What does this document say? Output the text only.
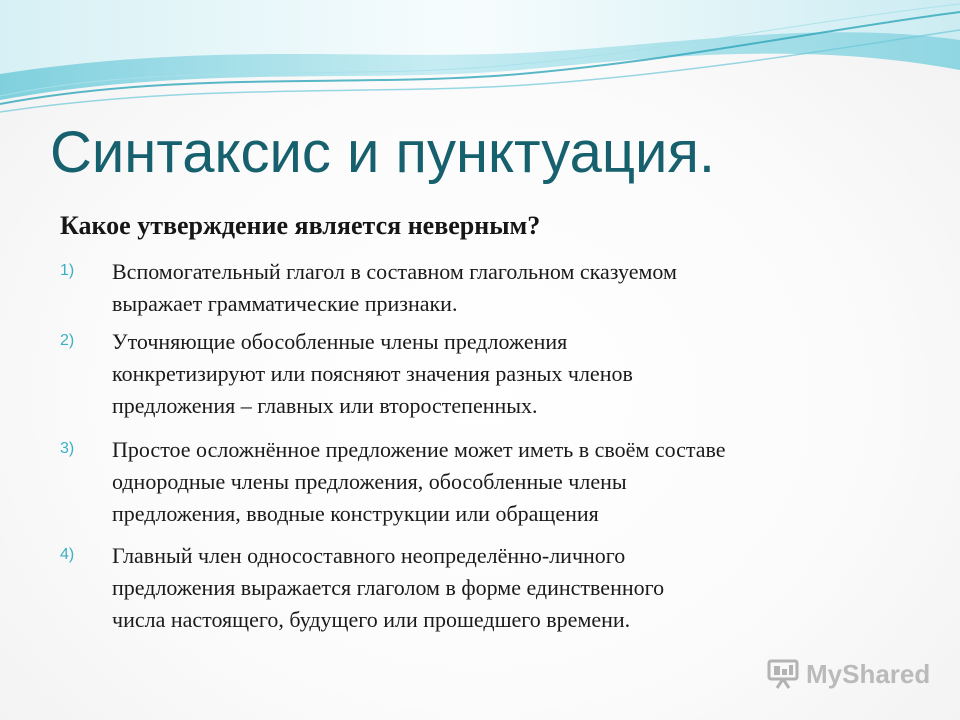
Синтаксис и пунктуация.

Какое утверждение является неверным?

1) Вспомогательный глагол в составном глагольном сказуемом
выражает грамматические признаки.
2) Уточняющие обособленные члены предложения
конкретизируют или поясняют значения разных членов
предложения – главных или второстепенных.
3) Простое осложнённое предложение может иметь в своём составе
однородные члены предложения, обособленные члены
предложения, вводные конструкции или обращения
4) Главный член односоставного неопределённо-личного
предложения выражается глаголом в форме единственного
числа настоящего, будущего или прошедшего времени.
MyShared
